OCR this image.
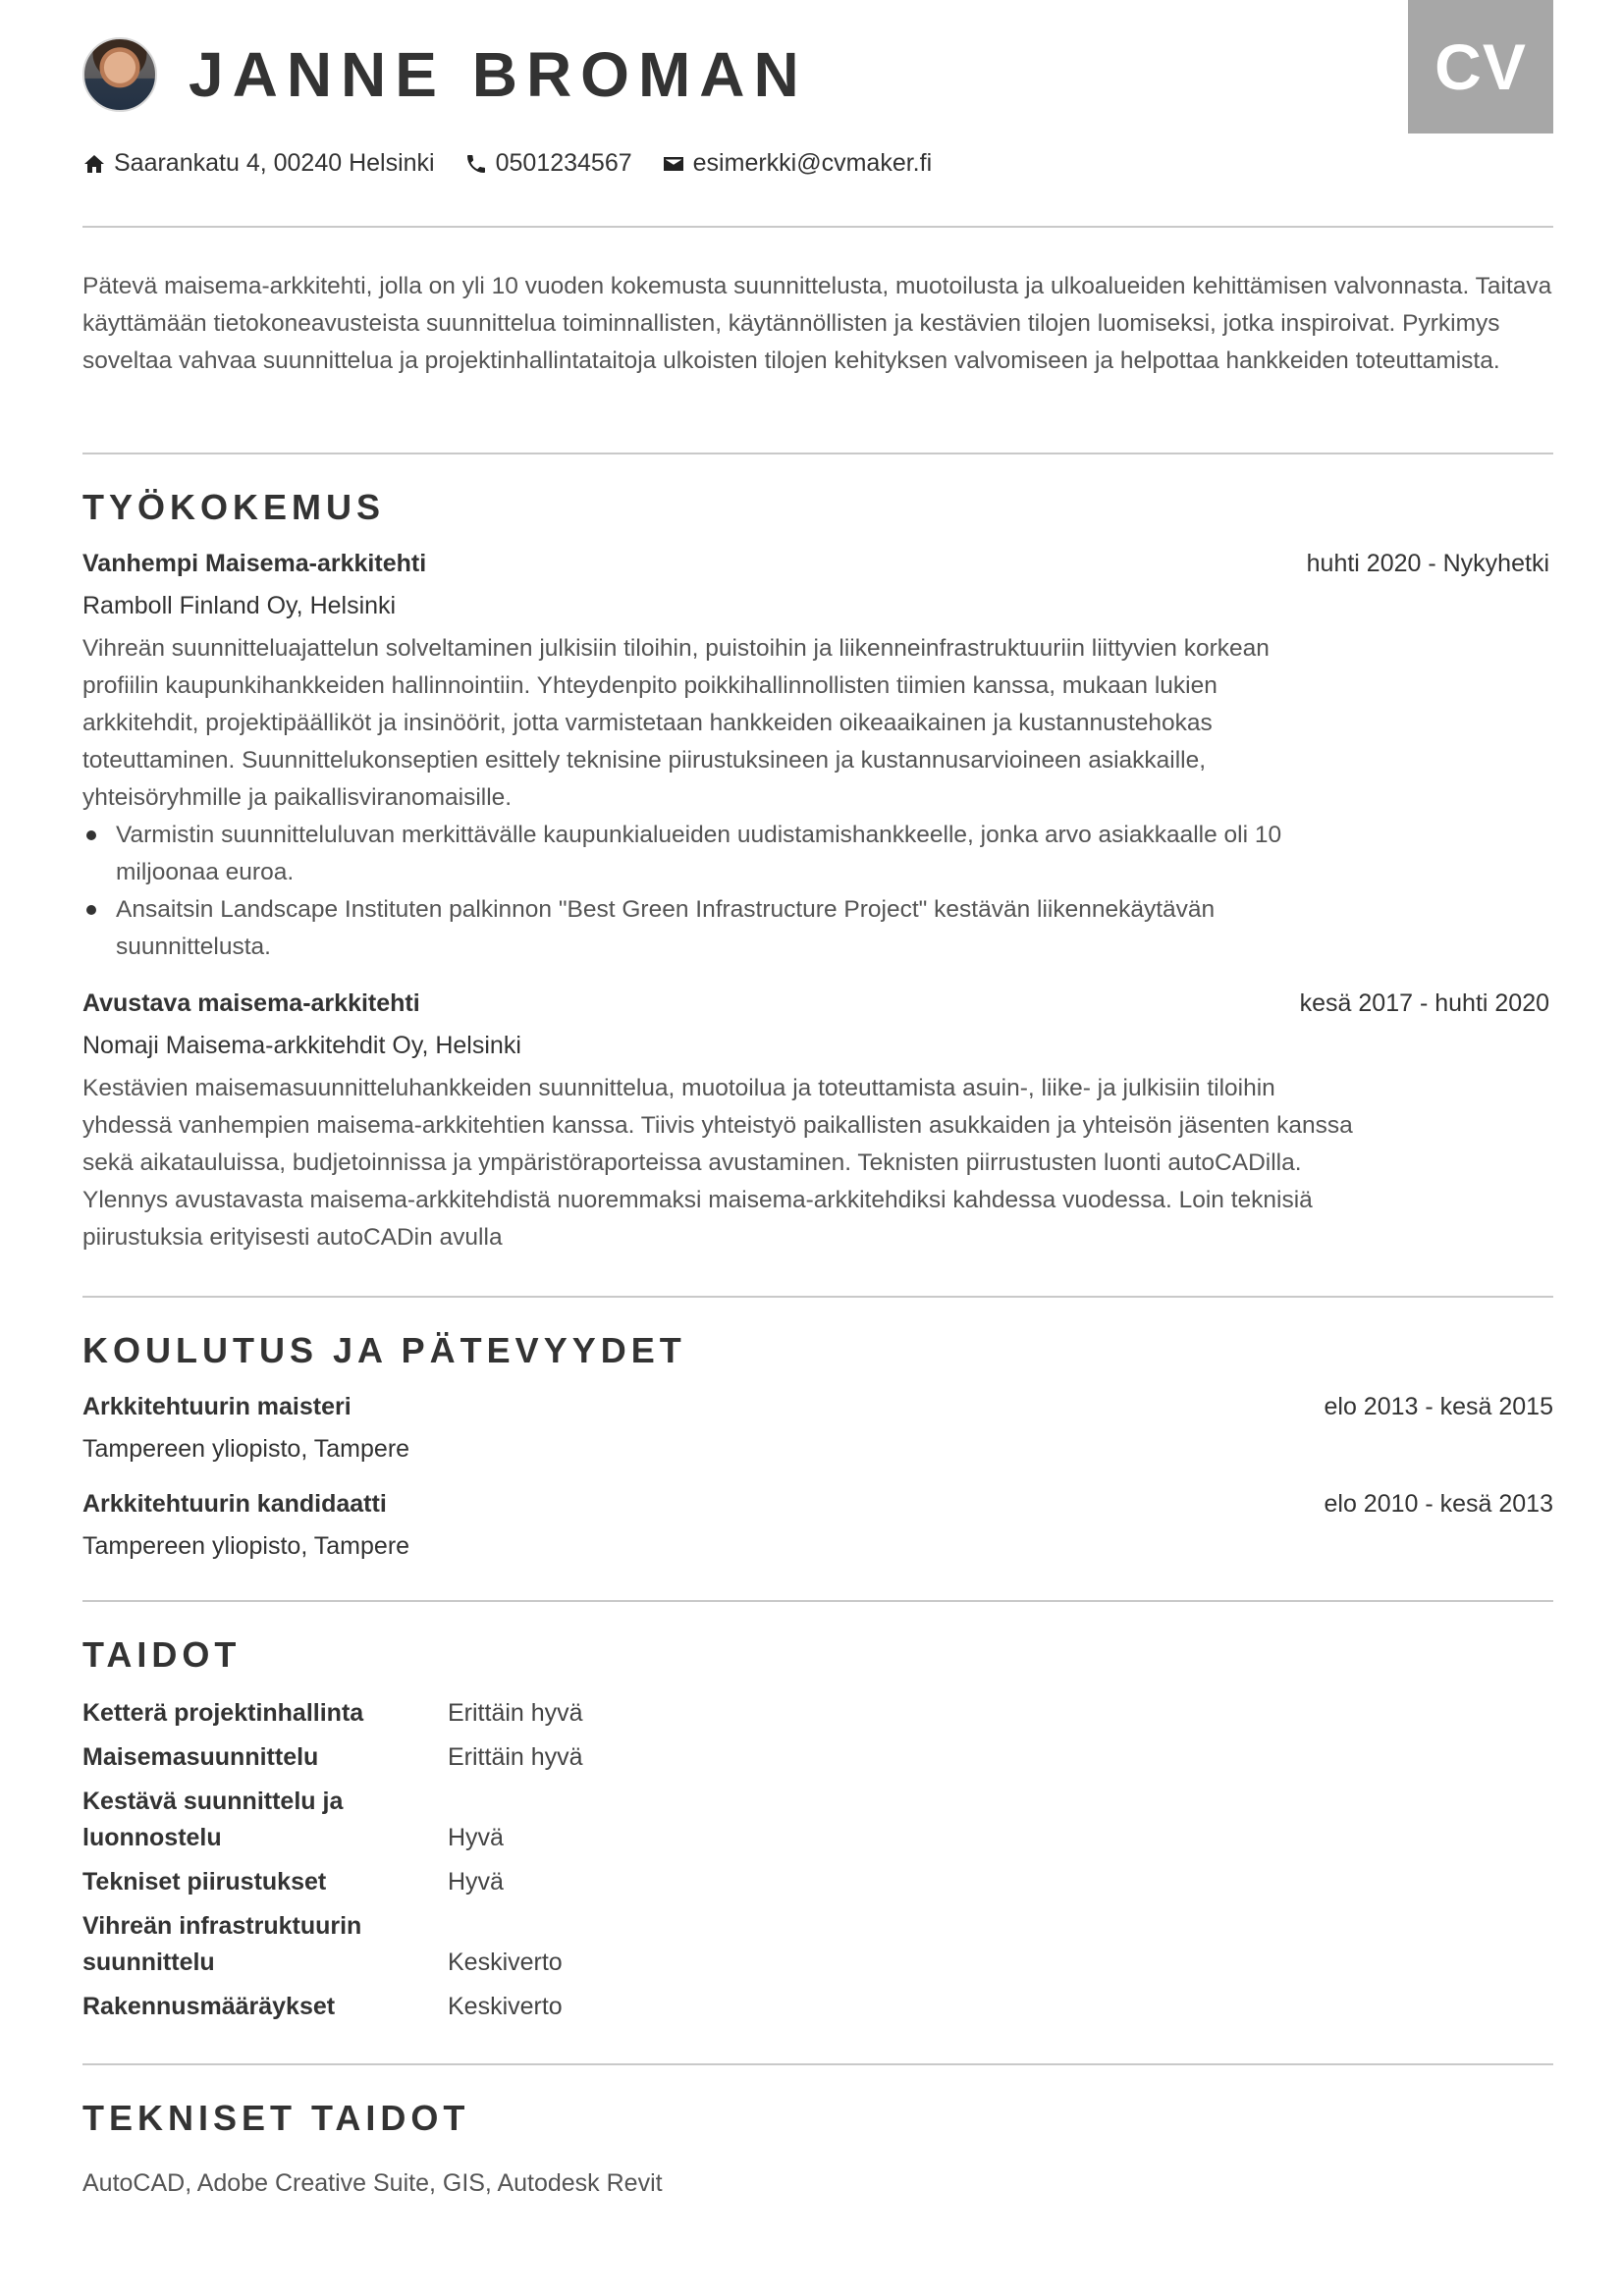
CV
JANNE BROMAN
Saarankatu 4, 00240 Helsinki 0501234567 esimerkki@cvmaker.fi
Pätevä maisema-arkkitehti, jolla on yli 10 vuoden kokemusta suunnittelusta, muotoilusta ja ulkoalueiden kehittämisen valvonnasta. Taitava käyttämään tietokoneavusteista suunnittelua toiminnallisten, käytännöllisten ja kestävien tilojen luomiseksi, jotka inspiroivat. Pyrkimys soveltaa vahvaa suunnittelua ja projektinhallintataitoja ulkoisten tilojen kehityksen valvomiseen ja helpottaa hankkeiden toteuttamista.
TYÖKOKEMUS
Vanhempi Maisema-arkkitehti	huhti 2020 - Nykyhetki
Ramboll Finland Oy, Helsinki
Vihreän suunnitteluajattelun solveltaminen julkisiin tiloihin, puistoihin ja liikenneinfrastruktuuriin liittyvien korkean profiilin kaupunkihankkeiden hallinnointiin. Yhteydenpito poikkihallinnollisten tiimien kanssa, mukaan lukien arkkitehdit, projektipäälliköt ja insinöörit, jotta varmistetaan hankkeiden oikeaaikainen ja kustannustehokas toteuttaminen. Suunnittelukonseptien esittely teknisine piirustuksineen ja kustannusarvioineen asiakkaille, yhteisöryhmille ja paikallisviranomaisille.
Varmistin suunnitteluluvan merkittävälle kaupunkialueiden uudistamishankkeelle, jonka arvo asiakkaalle oli 10 miljoonaa euroa.
Ansaitsin Landscape Instituten palkinnon "Best Green Infrastructure Project" kestävän liikennekäytävän suunnittelusta.
Avustava maisema-arkkitehti	kesä 2017 - huhti 2020
Nomaji Maisema-arkkitehdit Oy, Helsinki
Kestävien maisemasuunnitteluhankkeiden suunnittelua, muotoilua ja toteuttamista asuin-, liike- ja julkisiin tiloihin yhdessä vanhempien maisema-arkkitehtien kanssa. Tiivis yhteistyö paikallisten asukkaiden ja yhteisön jäsenten kanssa sekä aikatauluissa, budjetoinnissa ja ympäristöraporteissa avustaminen. Teknisten piirrustusten luonti autoCADilla. Ylennys avustavasta maisema-arkkitehdistä nuoremmaksi maisema-arkkitehdiksi kahdessa vuodessa. Loin teknisiä piirustuksia erityisesti autoCADin avulla
KOULUTUS JA PÄTEVYYDET
Arkkitehtuurin maisteri	elo 2013 - kesä 2015
Tampereen yliopisto, Tampere
Arkkitehtuurin kandidaatti	elo 2010 - kesä 2013
Tampereen yliopisto, Tampere
TAIDOT
Ketterä projektinhallinta	Erittäin hyvä
Maisemasuunnittelu	Erittäin hyvä
Kestävä suunnittelu ja luonnostelu	Hyvä
Tekniset piirustukset	Hyvä
Vihreän infrastruktuurin suunnittelu	Keskiverto
Rakennusmääräykset	Keskiverto
TEKNISET TAIDOT
AutoCAD, Adobe Creative Suite, GIS, Autodesk Revit
